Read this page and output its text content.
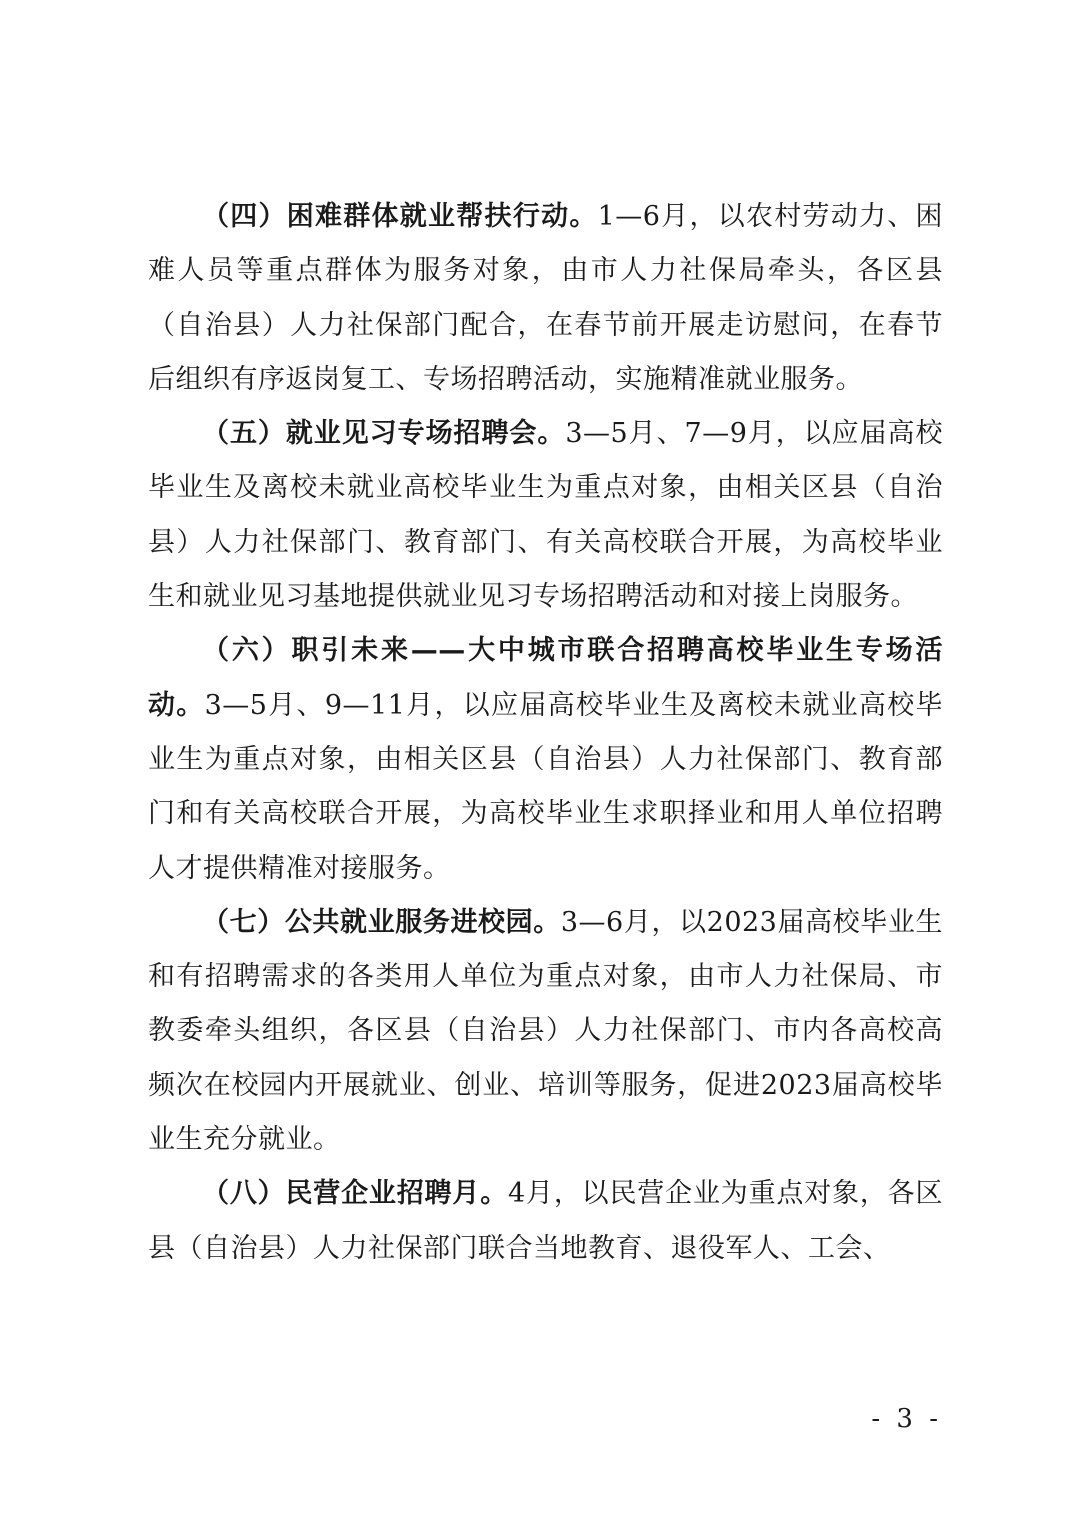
（四）困难群体就业帮扶行动。1—6月，以农村劳动力、困难人员等重点群体为服务对象，由市人力社保局牵头，各区县（自治县）人力社保部门配合，在春节前开展走访慰问，在春节后组织有序返岗复工、专场招聘活动，实施精准就业服务。

（五）就业见习专场招聘会。3—5月、7—9月，以应届高校毕业生及离校未就业高校毕业生为重点对象，由相关区县（自治县）人力社保部门、教育部门、有关高校联合开展，为高校毕业生和就业见习基地提供就业见习专场招聘活动和对接上岗服务。

（六）职引未来——大中城市联合招聘高校毕业生专场活动。3—5月、9—11月，以应届高校毕业生及离校未就业高校毕业生为重点对象，由相关区县（自治县）人力社保部门、教育部门和有关高校联合开展，为高校毕业生求职择业和用人单位招聘人才提供精准对接服务。

（七）公共就业服务进校园。3—6月，以2023届高校毕业生和有招聘需求的各类用人单位为重点对象，由市人力社保局、市教委牵头组织，各区县（自治县）人力社保部门、市内各高校高频次在校园内开展就业、创业、培训等服务，促进2023届高校毕业生充分就业。

（八）民营企业招聘月。4月，以民营企业为重点对象，各区县（自治县）人力社保部门联合当地教育、退役军人、工会、

- 3 -
